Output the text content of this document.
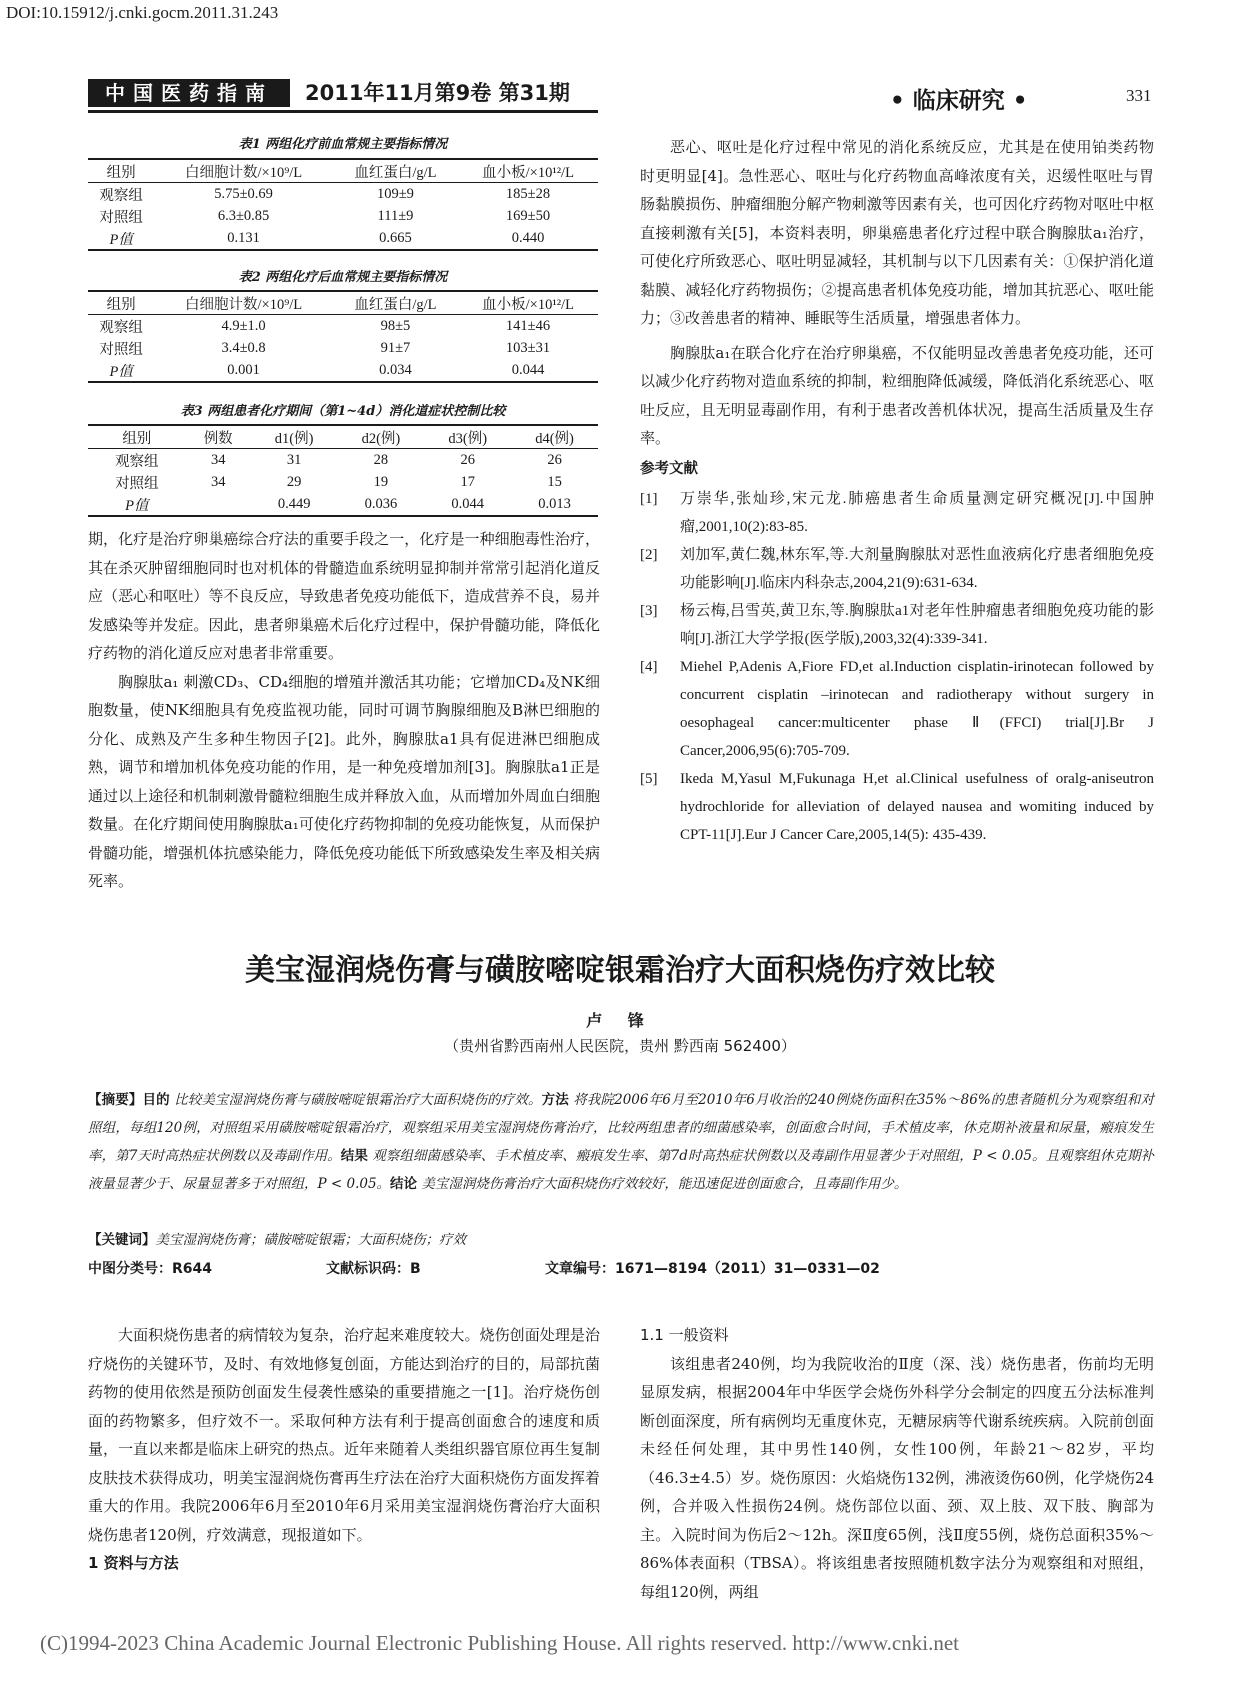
DOI:10.15912/j.cnki.gocm.2011.31.243
中国医药指南	2011年11月第9卷 第31期	• 临床研究 •	331
表1 两组化疗前血常规主要指标情况
组别	白细胞计数/×10⁹/L	血红蛋白/g/L	血小板/×10¹²/L
观察组	5.75±0.69	109±9	185±28
对照组	6.3±0.85	111±9	169±50
P值	0.131	0.665	0.440
表2 两组化疗后血常规主要指标情况
组别	白细胞计数/×10⁹/L	血红蛋白/g/L	血小板/×10¹²/L
观察组	4.9±1.0	98±5	141±46
对照组	3.4±0.8	91±7	103±31
P值	0.001	0.034	0.044
表3 两组患者化疗期间（第1~4d）消化道症状控制比较
组别	例数	d1(例)	d2(例)	d3(例)	d4(例)
观察组	34	31	28	26	26
对照组	34	29	19	17	15
P值		0.449	0.036	0.044	0.013

期，化疗是治疗卵巢癌综合疗法的重要手段之一，化疗是一种细胞毒性治疗，其在杀灭肿留细胞同时也对机体的骨髓造血系统明显抑制并常常引起消化道反应（恶心和呕吐）等不良反应，导致患者免疫功能低下，造成营养不良，易并发感染等并发症。因此，患者卵巢癌术后化疗过程中，保护骨髓功能，降低化疗药物的消化道反应对患者非常重要。

胸腺肽a₁ 刺激CD₃、CD₄细胞的增殖并激活其功能；它增加CD₄及NK细胞数量，使NK细胞具有免疫监视功能，同时可调节胸腺细胞及B淋巴细胞的分化、成熟及产生多种生物因子[2]。此外，胸腺肽a1具有促进淋巴细胞成熟，调节和增加机体免疫功能的作用，是一种免疫增加剂[3]。胸腺肽a1正是通过以上途径和机制刺激骨髓粒细胞生成并释放入血，从而增加外周血白细胞数量。在化疗期间使用胸腺肽a₁可使化疗药物抑制的免疫功能恢复，从而保护骨髓功能，增强机体抗感染能力，降低免疫功能低下所致感染发生率及相关病死率。

恶心、呕吐是化疗过程中常见的消化系统反应，尤其是在使用铂类药物 时更明显[4]。急性恶心、呕吐与化疗药物血高峰浓度有关，迟缓性呕吐与胃肠黏膜损伤、肿瘤细胞分解产物刺激等因素有关，也可因化疗药物对呕吐中枢直接刺激有关[5]，本资料表明，卵巢癌患者化疗过程中联合胸腺肽a₁治疗，可使化疗所致恶心、呕吐明显减轻，其机制与以下几因素有关：①保护消化道黏膜、减轻化疗药物损伤；②提高患者机体免疫功能，增加其抗恶心、呕吐能力；③改善患者的精神、睡眠等生活质量，增强患者体力。

胸腺肽a₁在联合化疗在治疗卵巢癌，不仅能明显改善患者免疫功能，还可以减少化疗药物对造血系统的抑制，粒细胞降低减缓，降低消化系统恶心、呕吐反应，且无明显毒副作用，有利于患者改善机体状况，提高生活质量及生存率。

参考文献
[1]	万崇华,张灿珍,宋元龙.肺癌患者生命质量测定研究概况[J].中国肿瘤,2001,10(2):83-85.
[2]	刘加军,黄仁魏,林东军,等.大剂量胸腺肽对恶性血液病化疗患者细胞免疫功能影响[J].临床内科杂志,2004,21(9):631-634.
[3]	杨云梅,吕雪英,黄卫东,等.胸腺肽a1对老年性肿瘤患者细胞免疫功能的影响[J].浙江大学学报(医学版),2003,32(4):339-341.
[4]	Miehel P,Adenis A,Fiore FD,et al.Induction cisplatin-irinotecan followed by concurrent cisplatin –irinotecan and radiotherapy without surgery in oesophageal cancer:multicenter phase Ⅱ(FFCI) trial[J].Br J Cancer,2006,95(6):705-709.
[5]	Ikeda M,Yasul M,Fukunaga H,et al.Clinical usefulness of oralg-aniseutron hydrochloride for alleviation of delayed nausea and womiting induced by CPT-11[J].Eur J Cancer Care,2005,14(5): 435-439.
美宝湿润烧伤膏与磺胺嘧啶银霜治疗大面积烧伤疗效比较
卢 锋
（贵州省黔西南州人民医院，贵州 黔西南 562400）
【摘要】目的 比较美宝湿润烧伤膏与磺胺嘧啶银霜治疗大面积烧伤的疗效。方法 将我院2006年6月至2010年6月收治的240例烧伤面积在35%～86%的患者随机分为观察组和对照组，每组120例，对照组采用磺胺嘧啶银霜治疗，观察组采用美宝湿润烧伤膏治疗，比较两组患者的细菌感染率，创面愈合时间，手术植皮率，休克期补液量和尿量，瘢痕发生率，第7天时高热症状例数以及毒副作用。结果 观察组细菌感染率、手术植皮率、瘢痕发生率、第7d时高热症状例数以及毒副作用显著少于对照组，P < 0.05。且观察组休克期补液量显著少于、尿量显著多于对照组，P < 0.05。结论 美宝湿润烧伤膏治疗大面积烧伤疗效较好，能迅速促进创面愈合，且毒副作用少。
【关键词】美宝湿润烧伤膏；磺胺嘧啶银霜；大面积烧伤；疗效
中图分类号：R644	文献标识码：B	文章编号：1671—8194（2011）31—0331—02

大面积烧伤患者的病情较为复杂，治疗起来难度较大。烧伤创面处理是治疗烧伤的关键环节，及时、有效地修复创面，方能达到治疗的目的，局部抗菌药物的使用依然是预防创面发生侵袭性感染的重要措施之一[1]。治疗烧伤创面的药物繁多，但疗效不一。采取何种方法有利于提高创面愈合的速度和质量，一直以来都是临床上研究的热点。近年来随着人类组织器官原位再生复制皮肤技术获得成功，明美宝湿润烧伤膏再生疗法在治疗大面积烧伤方面发挥着重大的作用。我院2006年6月至2010年6月采用美宝湿润烧伤膏治疗大面积烧伤患者120例，疗效满意，现报道如下。

1 资料与方法
1.1 一般资料

该组患者240例，均为我院收治的Ⅱ度（深、浅）烧伤患者，伤前均无明显原发病，根据2004年中华医学会烧伤外科学分会制定的四度五分法标准判断创面深度，所有病例均无重度休克，无糖尿病等代谢系统疾病。入院前创面未经任何处理，其中男性140例，女性100例，年龄21～82岁，平均（46.3±4.5）岁。烧伤原因：火焰烧伤132例，沸液烫伤60例，化学烧伤24例，合并吸入性损伤24例。烧伤部位以面、颈、双上肢、双下肢、胸部为主。入院时间为伤后2～12h。深Ⅱ度65例，浅Ⅱ度55例，烧伤总面积35%～86%体表面积（TBSA）。将该组患者按照随机数字法分为观察组和对照组，每组120例，两组

(C)1994-2023 China Academic Journal Electronic Publishing House. All rights reserved. http://www.cnki.net
